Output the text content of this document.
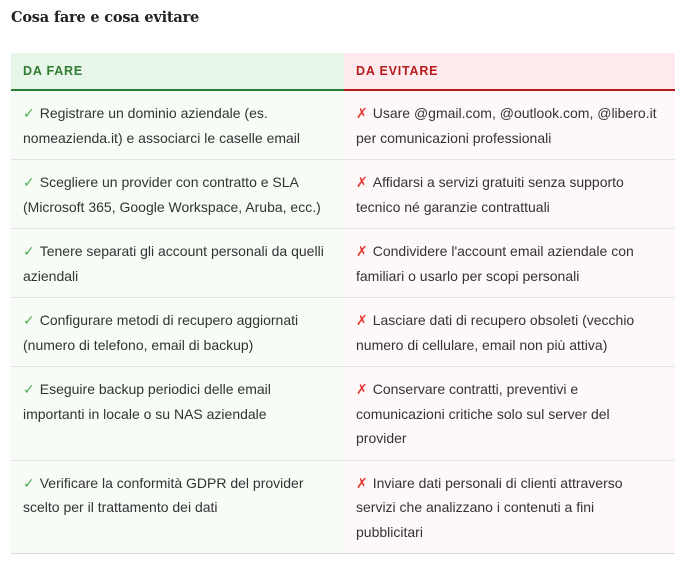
Cosa fare e cosa evitare
DA FARE	DA EVITARE
✓ Registrare un dominio aziendale (es. nomeazienda.it) e associarci le caselle email	✗ Usare @gmail.com, @outlook.com, @libero.it per comunicazioni professionali
✓ Scegliere un provider con contratto e SLA (Microsoft 365, Google Workspace, Aruba, ecc.)	✗ Affidarsi a servizi gratuiti senza supporto tecnico né garanzie contrattuali
✓ Tenere separati gli account personali da quelli aziendali	✗ Condividere l'account email aziendale con familiari o usarlo per scopi personali
✓ Configurare metodi di recupero aggiornati (numero di telefono, email di backup)	✗ Lasciare dati di recupero obsoleti (vecchio numero di cellulare, email non più attiva)
✓ Eseguire backup periodici delle email importanti in locale o su NAS aziendale	✗ Conservare contratti, preventivi e comunicazioni critiche solo sul server del provider
✓ Verificare la conformità GDPR del provider scelto per il trattamento dei dati	✗ Inviare dati personali di clienti attraverso servizi che analizzano i contenuti a fini pubblicitari
